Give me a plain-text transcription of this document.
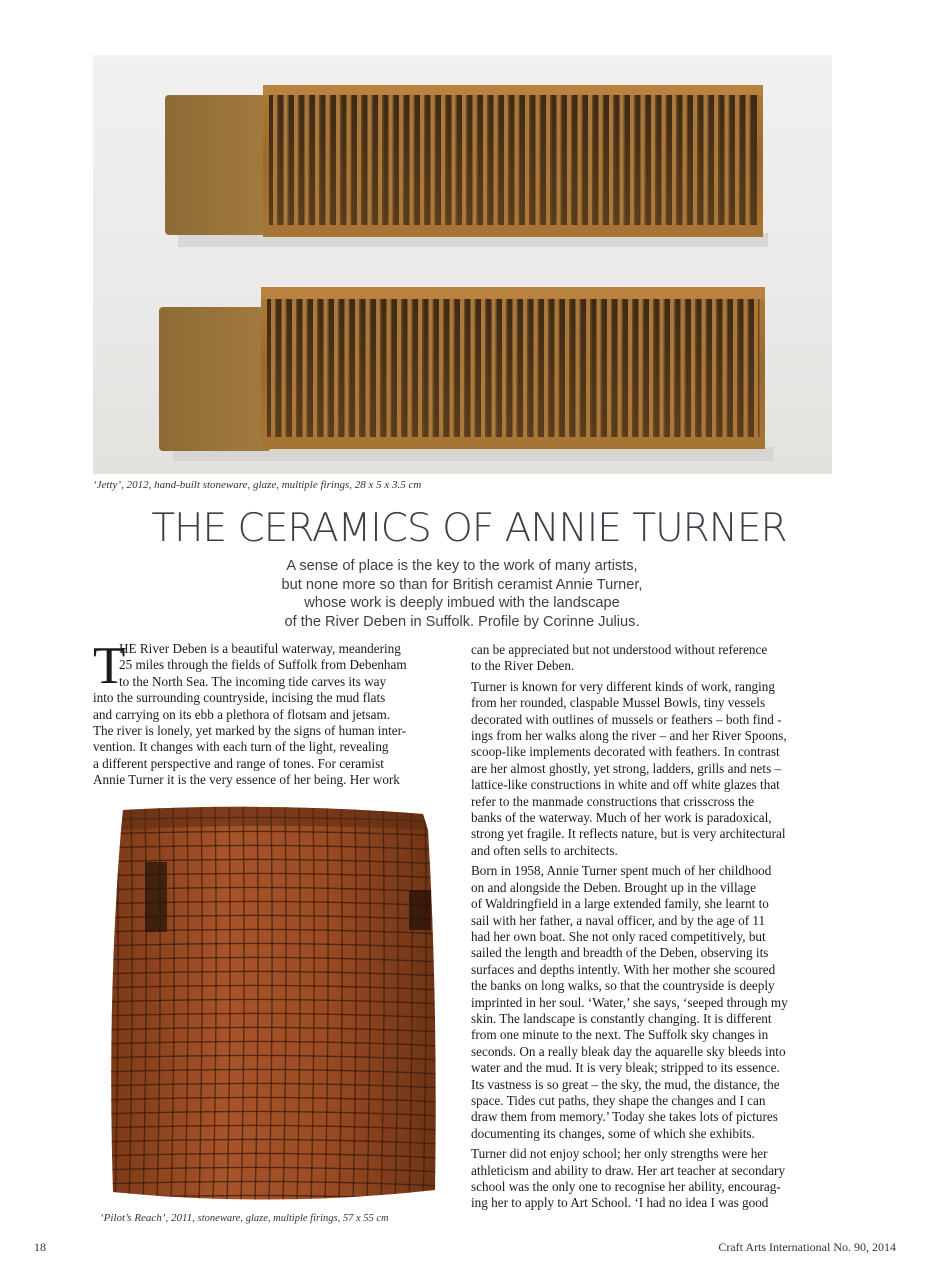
‘Jetty’, 2012, hand-built stoneware, glaze, multiple firings, 28 x 5 x 3.5 cm
THE CERAMICS OF ANNIE TURNER
A sense of place is the key to the work of many artists,
but none more so than for British ceramist Annie Turner,
whose work is deeply imbued with the landscape
of the River Deben in Suffolk. Profile by Corinne Julius.
T
HE River Deben is a beautiful waterway, meandering
25 miles through the fields of Suffolk from Debenham
to the North Sea. The incoming tide carves its way
into the surrounding countryside, incising the mud flats
and carrying on its ebb a plethora of flotsam and jetsam.
The river is lonely, yet marked by the signs of human inter-
vention. It changes with each turn of the light, revealing
a different perspective and range of tones. For ceramist
Annie Turner it is the very essence of her being. Her work
‘Pilot’s Reach’, 2011, stoneware, glaze, multiple firings, 57 x 55 cm
can be appreciated but not understood without reference
to the River Deben.
Turner is known for very different kinds of work, ranging
from her rounded, claspable Mussel Bowls, tiny vessels
decorated with outlines of mussels or feathers – both find -
ings from her walks along the river – and her River Spoons,
scoop-like implements decorated with feathers. In contrast
are her almost ghostly, yet strong, ladders, grills and nets –
lattice-like constructions in white and off white glazes that
refer to the manmade constructions that crisscross the
banks of the waterway. Much of her work is paradoxical,
strong yet fragile. It reflects nature, but is very architectural
and often sells to architects.
Born in 1958, Annie Turner spent much of her childhood
on and alongside the Deben. Brought up in the village
of Waldringfield in a large extended family, she learnt to
sail with her father, a naval officer, and by the age of 11
had her own boat. She not only raced competitively, but
sailed the length and breadth of the Deben, observing its
surfaces and depths intently. With her mother she scoured
the banks on long walks, so that the countryside is deeply
imprinted in her soul. ‘Water,’ she says, ‘seeped through my
skin. The landscape is constantly changing. It is different
from one minute to the next. The Suffolk sky changes in
seconds. On a really bleak day the aquarelle sky bleeds into
water and the mud. It is very bleak; stripped to its essence.
Its vastness is so great – the sky, the mud, the distance, the
space. Tides cut paths, they shape the changes and I can
draw them from memory.’ Today she takes lots of pictures
documenting its changes, some of which she exhibits.
Turner did not enjoy school; her only strengths were her
athleticism and ability to draw. Her art teacher at secondary
school was the only one to recognise her ability, encourag-
ing her to apply to Art School. ‘I had no idea I was good
18	Craft Arts International No. 90, 2014
